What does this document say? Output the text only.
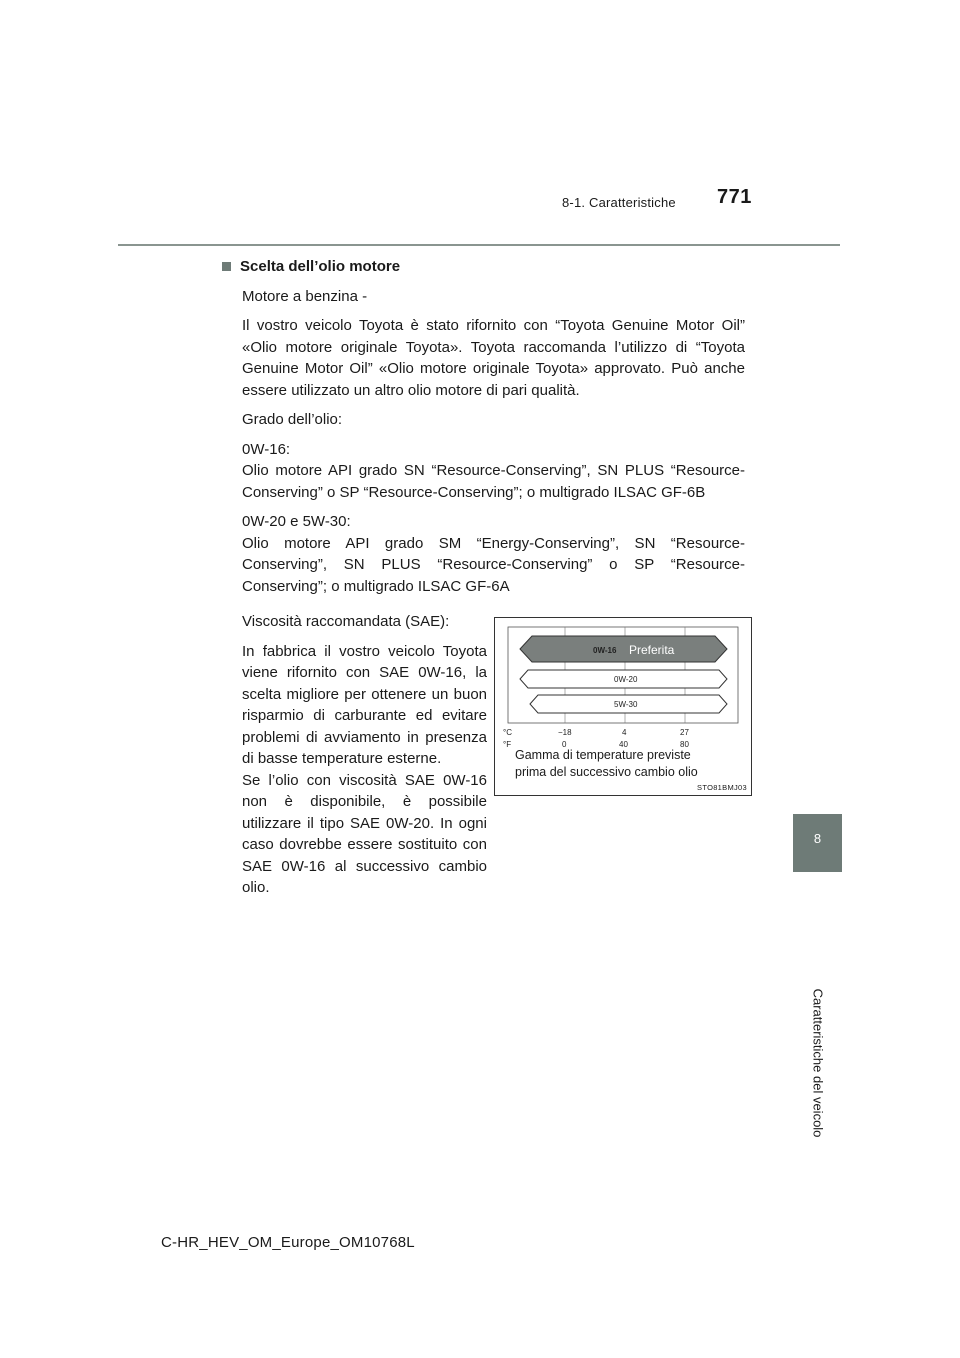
8-1. Caratteristiche 771
8
Caratteristiche del veicolo
Scelta dell’olio motore
Motore a benzina -
Il vostro veicolo Toyota è stato rifornito con “Toyota Genuine Motor Oil” «Olio motore originale Toyota». Toyota raccomanda l’utilizzo di “Toyota Genuine Motor Oil” «Olio motore originale Toyota» approvato. Può anche essere utilizzato un altro olio motore di pari qualità.
Grado dell’olio:
0W-16:
Olio motore API grado SN “Resource-Conserving”, SN PLUS “Resource-Conserving” o SP “Resource-Conserving”; o multigrado ILSAC GF-6B
0W-20 e 5W-30:
Olio motore API grado SM “Energy-Conserving”, SN “Resource-Conserving”, SN PLUS “Resource-Conserving” o SP “Resource-Conserving”; o multigrado ILSAC GF-6A
Viscosità raccomandata (SAE):
In fabbrica il vostro veicolo Toyota viene rifornito con SAE 0W-16, la scelta migliore per ottenere un buon risparmio di carburante ed evitare problemi di avviamento in presenza di basse temperature esterne.
Se l’olio con viscosità SAE 0W-16 non è disponibile, è possibile utilizzare il tipo SAE 0W-20. In ogni caso dovrebbe essere sostituito con SAE 0W-16 al successivo cambio olio.
0W-16 Preferita
0W-20
5W-30
°C
°F
−18	4	27
0	40	80
Gamma di temperature previste
prima del successivo cambio olio
STO81BMJ03
C-HR_HEV_OM_Europe_OM10768L
